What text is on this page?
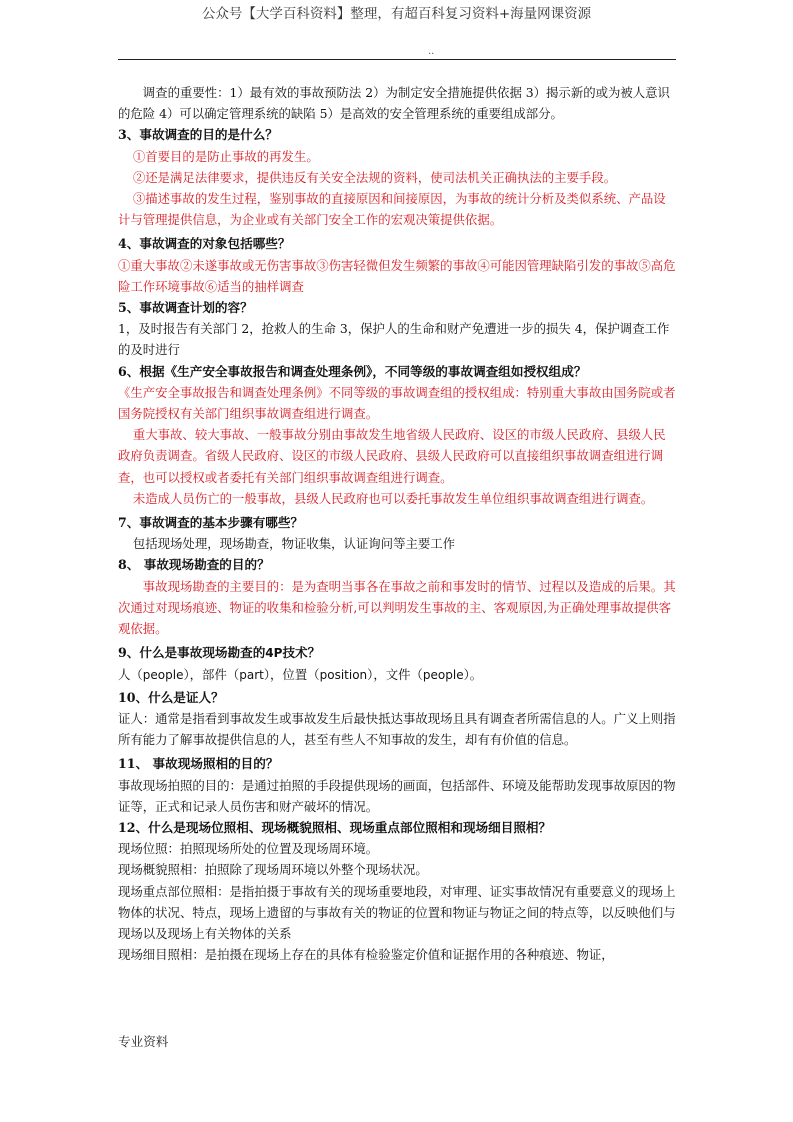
公众号【大学百科资料】整理，有超百科复习资料+海量网课资源
..

调查的重要性：1）最有效的事故预防法 2）为制定安全措施提供依据 3）揭示新的或为被人意识的危险 4）可以确定管理系统的缺陷 5）是高效的安全管理系统的重要组成部分。

3、事故调查的目的是什么？

①首要目的是防止事故的再发生。

②还是满足法律要求，提供违反有关安全法规的资料，使司法机关正确执法的主要手段。

③描述事故的发生过程，鉴别事故的直接原因和间接原因，为事故的统计分析及类似系统、产品设计与管理提供信息，为企业或有关部门安全工作的宏观决策提供依据。

4、事故调查的对象包括哪些？

①重大事故②未遂事故或无伤害事故③伤害轻微但发生频繁的事故④可能因管理缺陷引发的事故⑤高危险工作环境事故⑥适当的抽样调查

5、事故调查计划的容？

1，及时报告有关部门 2，抢救人的生命 3，保护人的生命和财产免遭进一步的损失 4，保护调查工作的及时进行

6、根据《生产安全事故报告和调查处理条例》，不同等级的事故调查组如授权组成？

《生产安全事故报告和调查处理条例》不同等级的事故调查组的授权组成：特别重大事故由国务院或者国务院授权有关部门组织事故调查组进行调查。

重大事故、较大事故、一般事故分别由事故发生地省级人民政府、设区的市级人民政府、县级人民政府负责调查。省级人民政府、设区的市级人民政府、县级人民政府可以直接组织事故调查组进行调查，也可以授权或者委托有关部门组织事故调查组进行调查。

未造成人员伤亡的一般事故，县级人民政府也可以委托事故发生单位组织事故调查组进行调查。

7、事故调查的基本步骤有哪些？

包括现场处理，现场勘查，物证收集，认证询问等主要工作

8、 事故现场勘查的目的？

事故现场勘查的主要目的：是为查明当事各在事故之前和事发时的情节、过程以及造成的后果。其次通过对现场痕迹、物证的收集和检验分析,可以判明发生事故的主、客观原因,为正确处理事故提供客观依据。

9、什么是事故现场勘查的4P技术？

人（people），部件（part），位置（position），文件（people）。

10、什么是证人？

证人：通常是指看到事故发生或事故发生后最快抵达事故现场且具有调查者所需信息的人。广义上则指所有能力了解事故提供信息的人，甚至有些人不知事故的发生，却有有价值的信息。

11、 事故现场照相的目的？

事故现场拍照的目的：是通过拍照的手段提供现场的画面，包括部件、环境及能帮助发现事故原因的物证等，正式和记录人员伤害和财产破坏的情况。

12、什么是现场位照相、现场概貌照相、现场重点部位照相和现场细目照相？

现场位照：拍照现场所处的位置及现场周环境。

现场概貌照相：拍照除了现场周环境以外整个现场状况。

现场重点部位照相：是指拍摄于事故有关的现场重要地段，对审理、证实事故情况有重要意义的现场上物体的状况、特点，现场上遗留的与事故有关的物证的位置和物证与物证之间的特点等，以反映他们与现场以及现场上有关物体的关系

现场细目照相：是拍摄在现场上存在的具体有检验鉴定价值和证据作用的各种痕迹、物证，

专业资料
